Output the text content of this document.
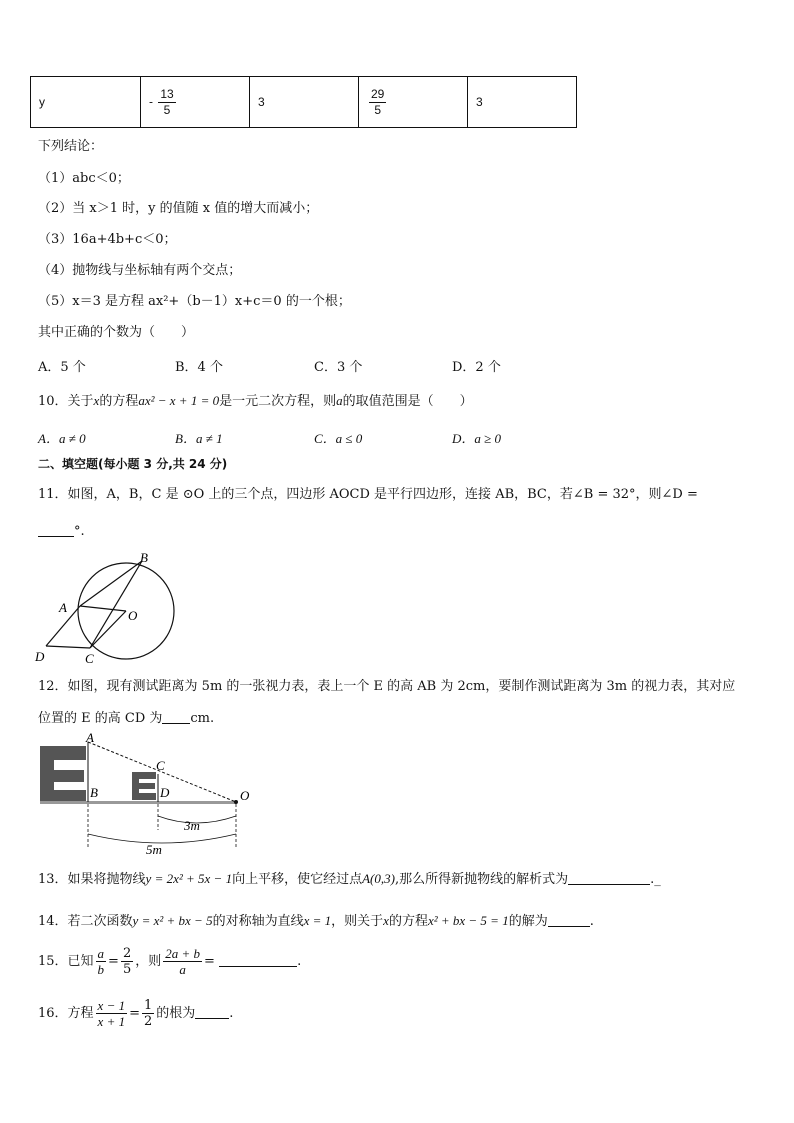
y	- $\frac{13}{5}$	3	$\frac{29}{5}$	3
下列结论：
（1）abc＜0；
（2）当 x＞1 时，y 的值随 x 值的增大而减小；
（3）16a+4b+c＜0；
（4）抛物线与坐标轴有两个交点；
（5）x＝3 是方程 ax²+（b－1）x+c＝0 的一个根；
其中正确的个数为（　　）
A．5 个	B．4 个	C．3 个	D．2 个
10．关于x的方程ax² − x + 1 = 0是一元二次方程，则a的取值范围是（　　）
A．a ≠ 0	B．a ≠ 1	C．a ≤ 0	D．a ≥ 0
二、填空题(每小题 3 分,共 24 分)
11．如图，A，B，C 是 ⊙O 上的三个点，四边形 AOCD 是平行四边形，连接 AB，BC，若∠B = 32°，则∠D =
°.
B
A
O
D	C
12．如图，现有测试距离为 5m 的一张视力表，表上一个 E 的高 AB 为 2cm，要制作测试距离为 3m 的视力表，其对应
位置的 E 的高 CD 为 cm.
A
B
C
D	O
3m
5m
13．如果将抛物线y = 2x² + 5x − 1向上平移，使它经过点A(0,3),那么所得新抛物线的解析式为	._
14．若二次函数y = x² + bx − 5的对称轴为直线x = 1，则关于x的方程x² + bx − 5 = 1的解为	.
15．已知 $\frac{a}{b} = \frac{2}{5}$ ，则 $\frac{2a + b}{a}$ =	.
16．方程 $\frac{x - 1}{x + 1} = \frac{1}{2}$ 的根为	.
